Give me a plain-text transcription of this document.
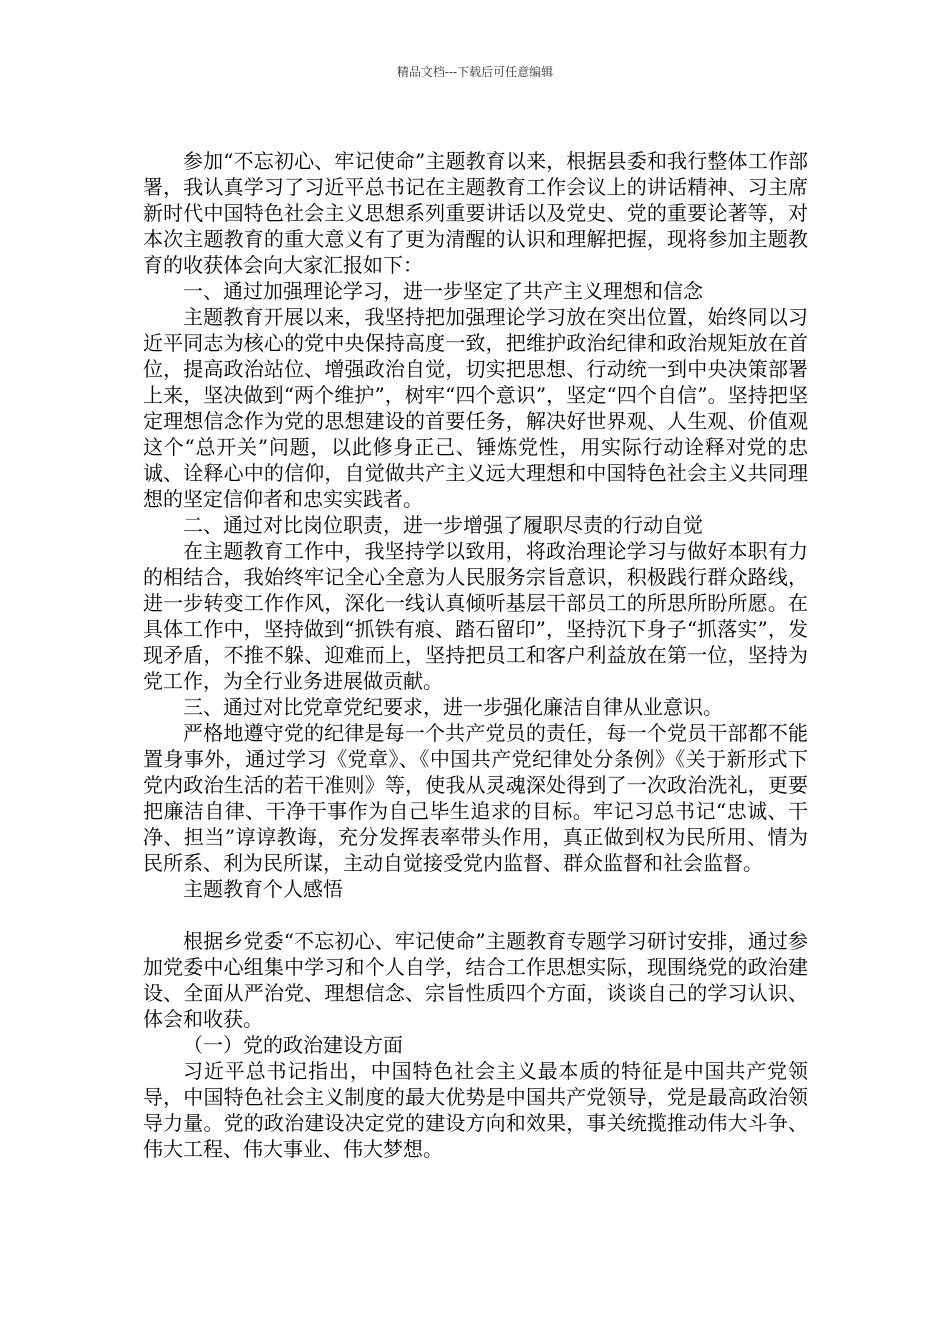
精品文档---下载后可任意编辑

参加“不忘初心、牢记使命”主题教育以来，根据县委和我行整体工作部署，我认真学习了习近平总书记在主题教育工作会议上的讲话精神、习主席新时代中国特色社会主义思想系列重要讲话以及党史、党的重要论著等，对本次主题教育的重大意义有了更为清醒的认识和理解把握，现将参加主题教育的收获体会向大家汇报如下：

一、通过加强理论学习，进一步坚定了共产主义理想和信念

主题教育开展以来，我坚持把加强理论学习放在突出位置，始终同以习近平同志为核心的党中央保持高度一致，把维护政治纪律和政治规矩放在首位，提高政治站位、增强政治自觉，切实把思想、行动统一到中央决策部署上来，坚决做到“两个维护”，树牢“四个意识”，坚定“四个自信”。坚持把坚定理想信念作为党的思想建设的首要任务，解决好世界观、人生观、价值观这个“总开关”问题，以此修身正己、锤炼党性，用实际行动诠释对党的忠诚、诠释心中的信仰，自觉做共产主义远大理想和中国特色社会主义共同理想的坚定信仰者和忠实实践者。

二、通过对比岗位职责，进一步增强了履职尽责的行动自觉

在主题教育工作中，我坚持学以致用，将政治理论学习与做好本职有力的相结合，我始终牢记全心全意为人民服务宗旨意识，积极践行群众路线，进一步转变工作作风，深化一线认真倾听基层干部员工的所思所盼所愿。在具体工作中，坚持做到“抓铁有痕、踏石留印”，坚持沉下身子“抓落实”，发现矛盾，不推不躲、迎难而上，坚持把员工和客户利益放在第一位，坚持为党工作，为全行业务进展做贡献。

三、通过对比党章党纪要求，进一步强化廉洁自律从业意识。

严格地遵守党的纪律是每一个共产党员的责任，每一个党员干部都不能置身事外，通过学习《党章》、《中国共产党纪律处分条例》《关于新形式下党内政治生活的若干准则》等，使我从灵魂深处得到了一次政治洗礼，更要把廉洁自律、干净干事作为自己毕生追求的目标。牢记习总书记“忠诚、干净、担当”谆谆教诲，充分发挥表率带头作用，真正做到权为民所用、情为民所系、利为民所谋，主动自觉接受党内监督、群众监督和社会监督。

主题教育个人感悟

根据乡党委“不忘初心、牢记使命”主题教育专题学习研讨安排，通过参加党委中心组集中学习和个人自学，结合工作思想实际，现围绕党的政治建设、全面从严治党、理想信念、宗旨性质四个方面，谈谈自己的学习认识、体会和收获。

（一）党的政治建设方面

习近平总书记指出，中国特色社会主义最本质的特征是中国共产党领导，中国特色社会主义制度的最大优势是中国共产党领导，党是最高政治领导力量。党的政治建设决定党的建设方向和效果，事关统揽推动伟大斗争、伟大工程、伟大事业、伟大梦想。
